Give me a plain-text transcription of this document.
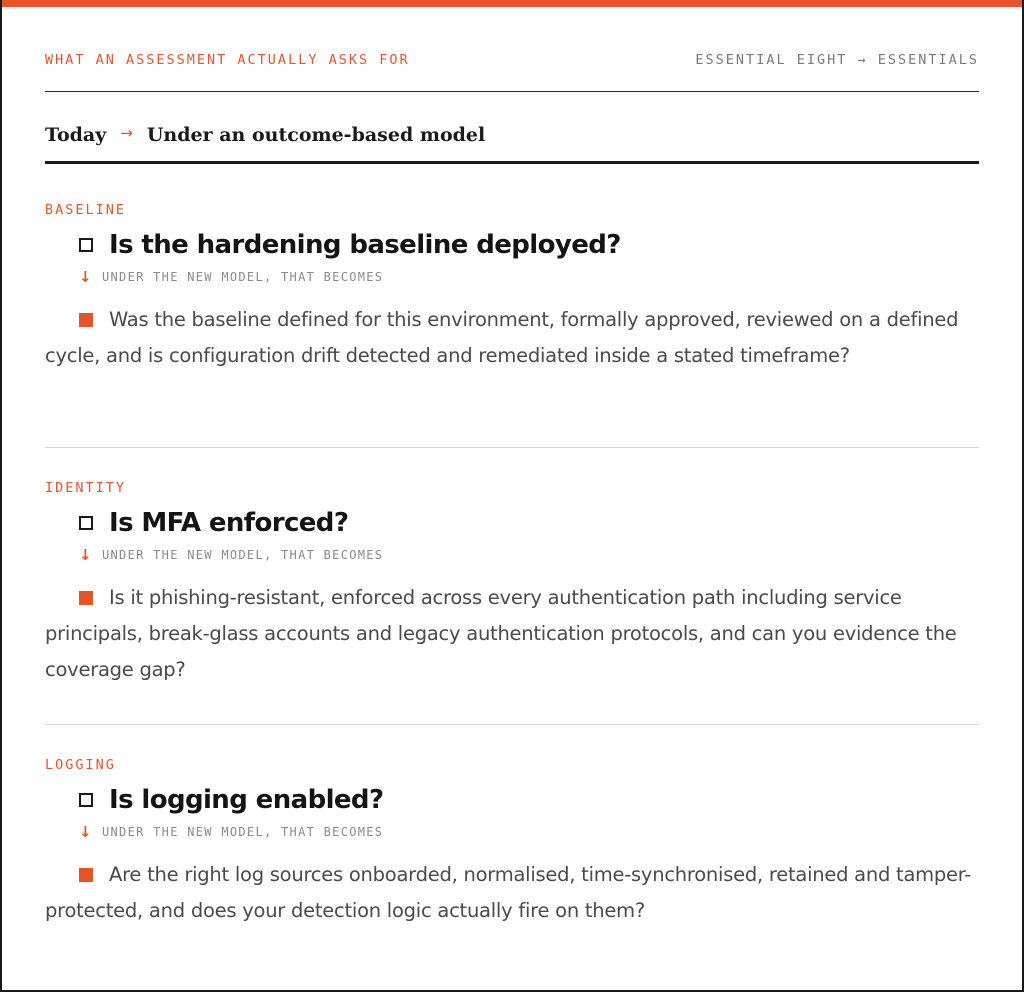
WHAT AN ASSESSMENT ACTUALLY ASKS FOR	ESSENTIAL EIGHT → ESSENTIALS
Today → Under an outcome-based model
BASELINE
Is the hardening baseline deployed?
↓ UNDER THE NEW MODEL, THAT BECOMES

Was the baseline defined for this environment, formally approved, reviewed on a defined cycle, and is configuration drift detected and remediated inside a stated timeframe?

IDENTITY
Is MFA enforced?
↓ UNDER THE NEW MODEL, THAT BECOMES

Is it phishing-resistant, enforced across every authentication path including service principals, break-glass accounts and legacy authentication protocols, and can you evidence the coverage gap?

LOGGING
Is logging enabled?
↓ UNDER THE NEW MODEL, THAT BECOMES

Are the right log sources onboarded, normalised, time-synchronised, retained and tamper-protected, and does your detection logic actually fire on them?
